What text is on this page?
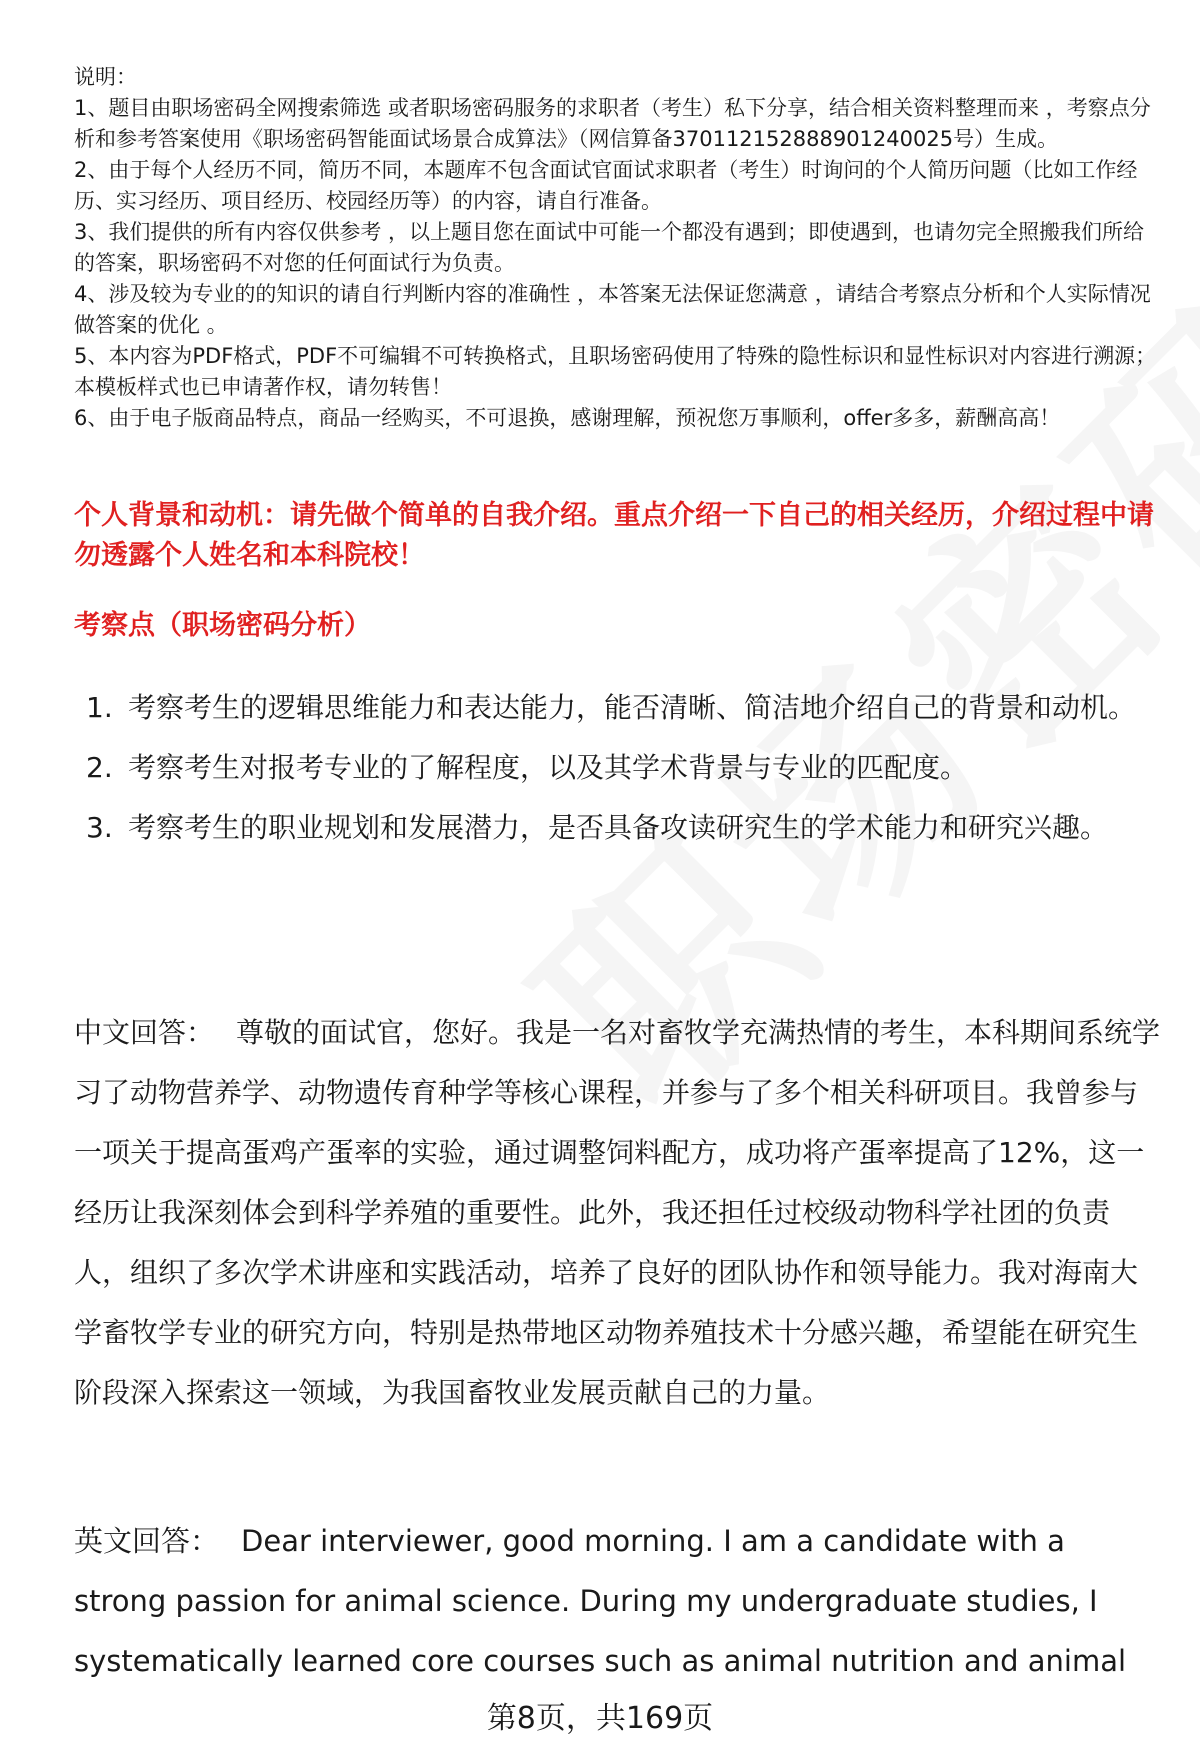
说明：

1、题目由职场密码全网搜索筛选 或者职场密码服务的求职者（考生）私下分享，结合相关资料整理而来 ，考察点分析和参考答案使用《职场密码智能面试场景合成算法》（网信算备370112152888901240025号）生成。

2、由于每个人经历不同，简历不同，本题库不包含面试官面试求职者（考生）时询问的个人简历问题（比如工作经历、实习经历、项目经历、校园经历等）的内容，请自行准备。

3、我们提供的所有内容仅供参考 ，以上题目您在面试中可能一个都没有遇到；即使遇到，也请勿完全照搬我们所给的答案，职场密码不对您的任何面试行为负责。

4、涉及较为专业的的知识的请自行判断内容的准确性 ，本答案无法保证您满意 ，请结合考察点分析和个人实际情况做答案的优化 。

5、本内容为PDF格式，PDF不可编辑不可转换格式，且职场密码使用了特殊的隐性标识和显性标识对内容进行溯源；本模板样式也已申请著作权，请勿转售！

6、由于电子版商品特点，商品一经购买，不可退换，感谢理解，预祝您万事顺利，offer多多，薪酬高高！

个人背景和动机：请先做个简单的自我介绍。重点介绍一下自己的相关经历，介绍过程中请勿透露个人姓名和本科院校！

考察点（职场密码分析）

1. 考察考生的逻辑思维能力和表达能力，能否清晰、简洁地介绍自己的背景和动机。
2. 考察考生对报考专业的了解程度，以及其学术背景与专业的匹配度。
3. 考察考生的职业规划和发展潜力，是否具备攻读研究生的学术能力和研究兴趣。

中文回答： 尊敬的面试官，您好。我是一名对畜牧学充满热情的考生，本科期间系统学习了动物营养学、动物遗传育种学等核心课程，并参与了多个相关科研项目。我曾参与一项关于提高蛋鸡产蛋率的实验，通过调整饲料配方，成功将产蛋率提高了12%，这一经历让我深刻体会到科学养殖的重要性。此外，我还担任过校级动物科学社团的负责人，组织了多次学术讲座和实践活动，培养了良好的团队协作和领导能力。我对海南大学畜牧学专业的研究方向，特别是热带地区动物养殖技术十分感兴趣，希望能在研究生阶段深入探索这一领域，为我国畜牧业发展贡献自己的力量。

英文回答： Dear interviewer, good morning. I am a candidate with a strong passion for animal science. During my undergraduate studies, I systematically learned core courses such as animal nutrition and animal

第8页，共169页
